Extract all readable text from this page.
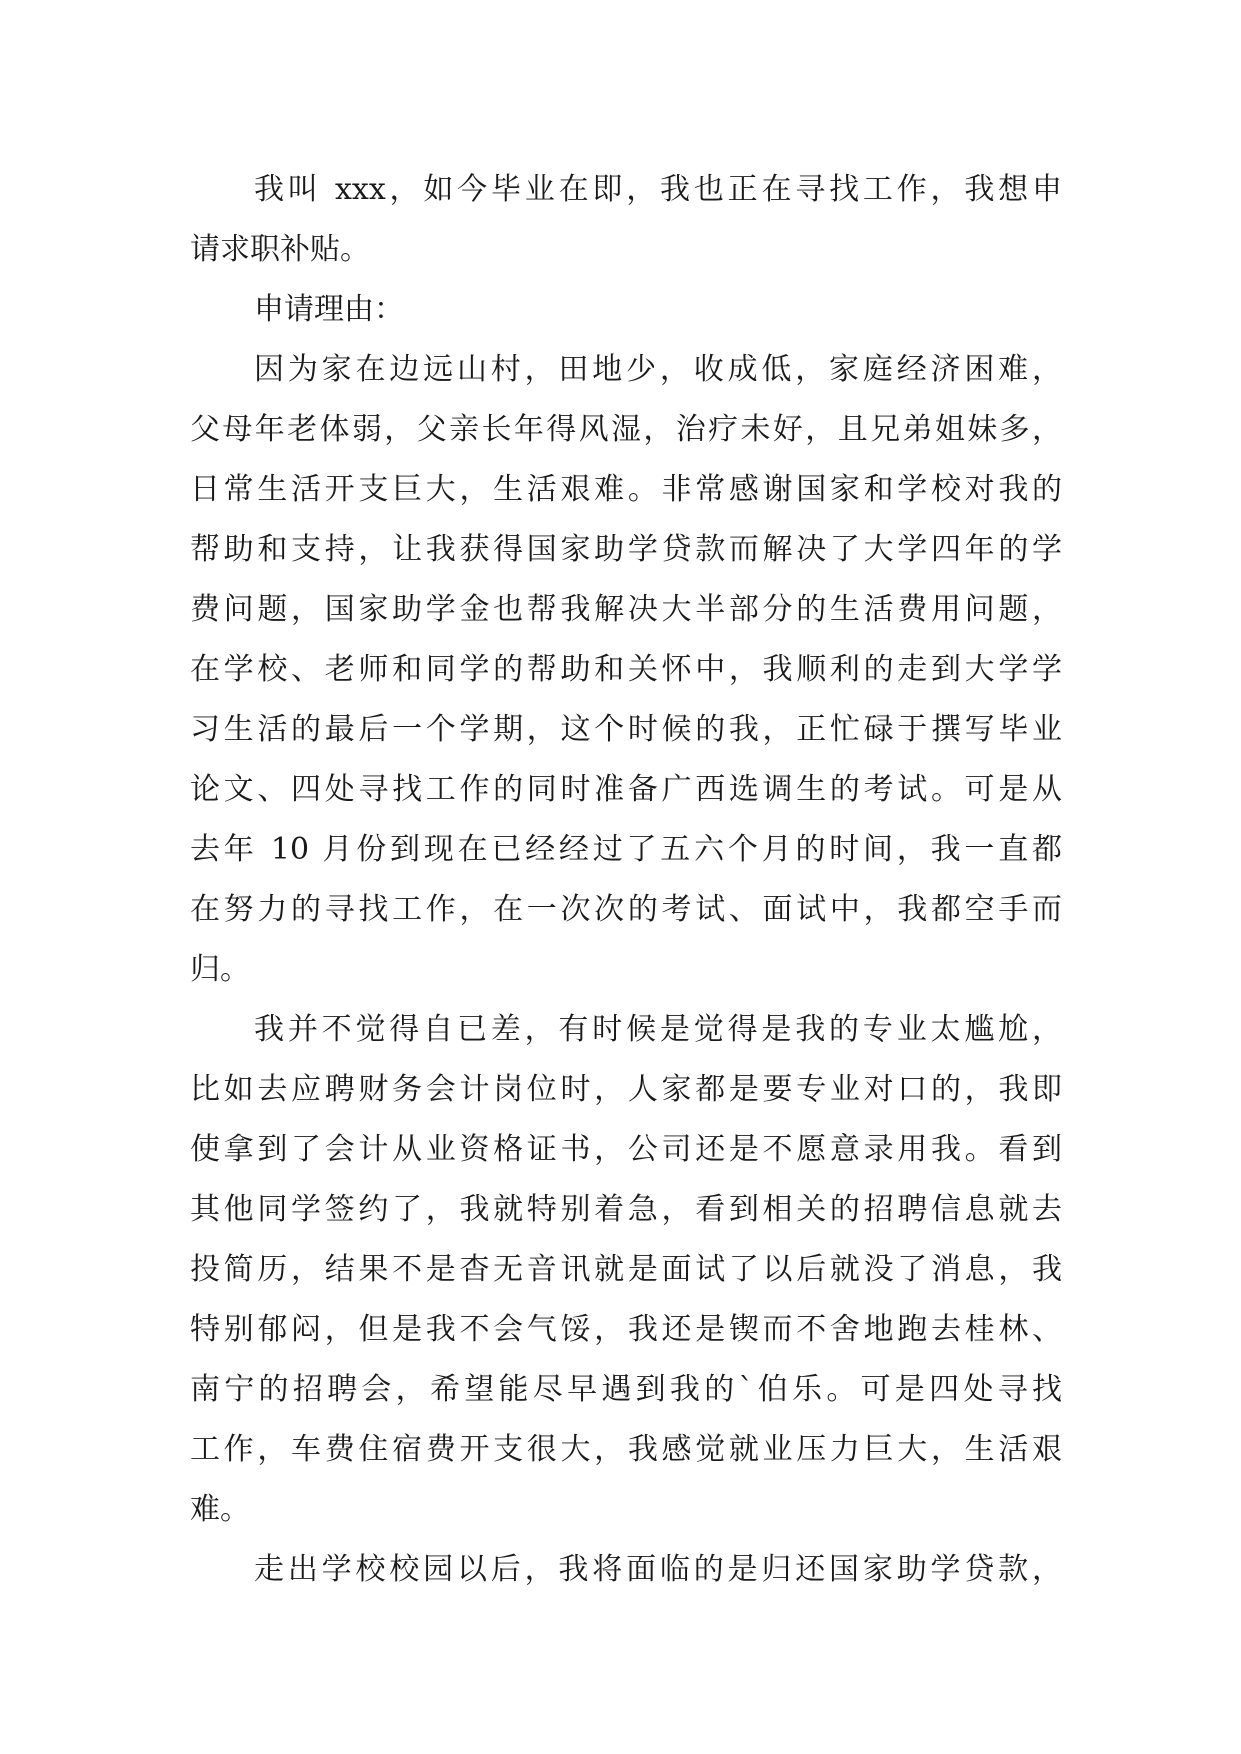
我叫 xxx，如今毕业在即，我也正在寻找工作，我想申
请求职补贴。
申请理由：
因为家在边远山村，田地少，收成低，家庭经济困难，
父母年老体弱，父亲长年得风湿，治疗未好，且兄弟姐妹多，
日常生活开支巨大，生活艰难。非常感谢国家和学校对我的
帮助和支持，让我获得国家助学贷款而解决了大学四年的学
费问题，国家助学金也帮我解决大半部分的生活费用问题，
在学校、老师和同学的帮助和关怀中，我顺利的走到大学学
习生活的最后一个学期，这个时候的我，正忙碌于撰写毕业
论文、四处寻找工作的同时准备广西选调生的考试。可是从
去年 10 月份到现在已经经过了五六个月的时间，我一直都
在努力的寻找工作，在一次次的考试、面试中，我都空手而
归。
我并不觉得自已差，有时候是觉得是我的专业太尴尬，
比如去应聘财务会计岗位时，人家都是要专业对口的，我即
使拿到了会计从业资格证书，公司还是不愿意录用我。看到
其他同学签约了，我就特别着急，看到相关的招聘信息就去
投简历，结果不是杳无音讯就是面试了以后就没了消息，我
特别郁闷，但是我不会气馁，我还是锲而不舍地跑去桂林、
南宁的招聘会，希望能尽早遇到我的`伯乐。可是四处寻找
工作，车费住宿费开支很大，我感觉就业压力巨大，生活艰
难。
走出学校校园以后，我将面临的是归还国家助学贷款，
